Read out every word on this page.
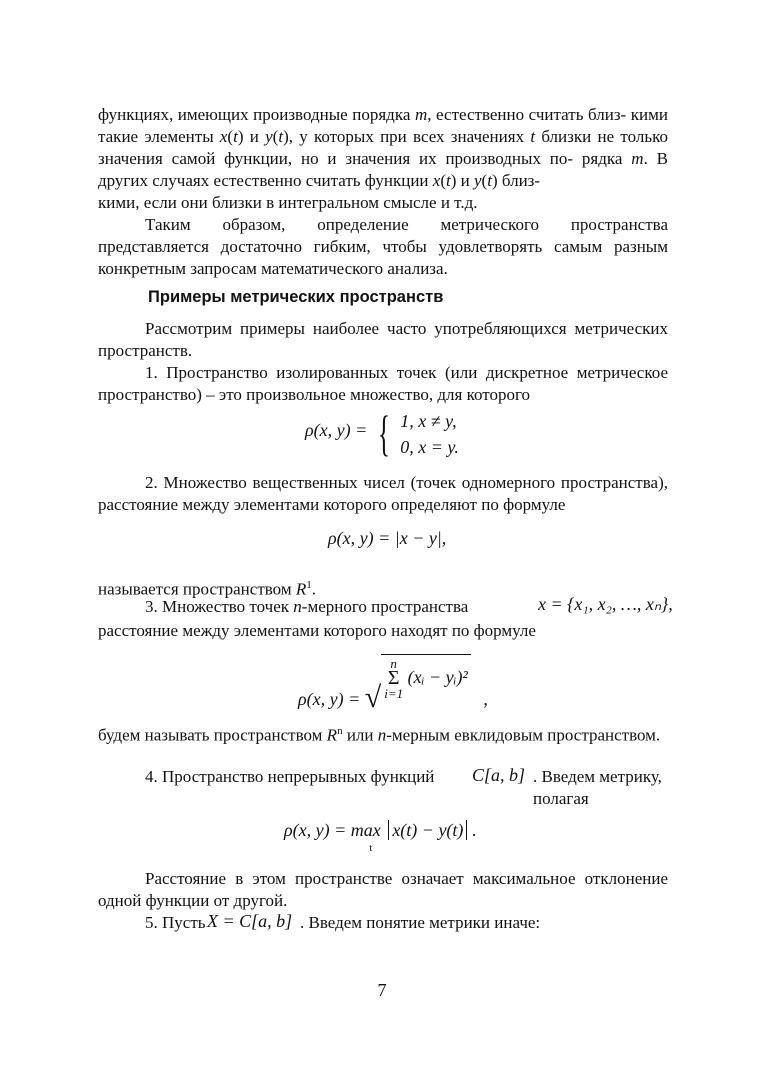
функциях, имеющих производные порядка m, естественно считать близ- кими такие элементы x(t) и y(t), у которых при всех значениях t близки не только значения самой функции, но и значения их производных по- рядка m. В других случаях естественно считать функции x(t) и y(t) близ-
кими, если они близки в интегральном смысле и т.д.

Таким образом, определение метрического пространства представляется достаточно гибким, чтобы удовлетворять самым разным конкретным запросам математического анализа.

Примеры метрических пространств

Рассмотрим примеры наиболее часто употребляющихся метрических пространств.

1. Пространство изолированных точек (или дискретное метрическое пространство) – это произвольное множество, для которого

ρ(x, y) = { 1, x ≠ y,
0, x = y.

2. Множество вещественных чисел (точек одномерного пространства), расстояние между элементами которого определяют по формуле

ρ(x, y) = |x − y|,

называется пространством $R^1$.

3. Множество точек n-мерного пространства	x = {x₁, x₂, …, xₙ},

расстояние между элементами которого находят по формуле

ρ(x, y) = √n
Σ
i=1 (xᵢ − yᵢ)² ,

будем называть пространством $R^n$ или n-мерным евклидовым пространством.

4. Пространство непрерывных функций	C[a, b] . Введем метрику, полагая

ρ(x, y) = max $_t$x(t) − y(t) .

Расстояние в этом пространстве означает максимальное отклонение одной функции от другой.

5. Пусть X = C[a, b] . Введем понятие метрики иначе:

7
